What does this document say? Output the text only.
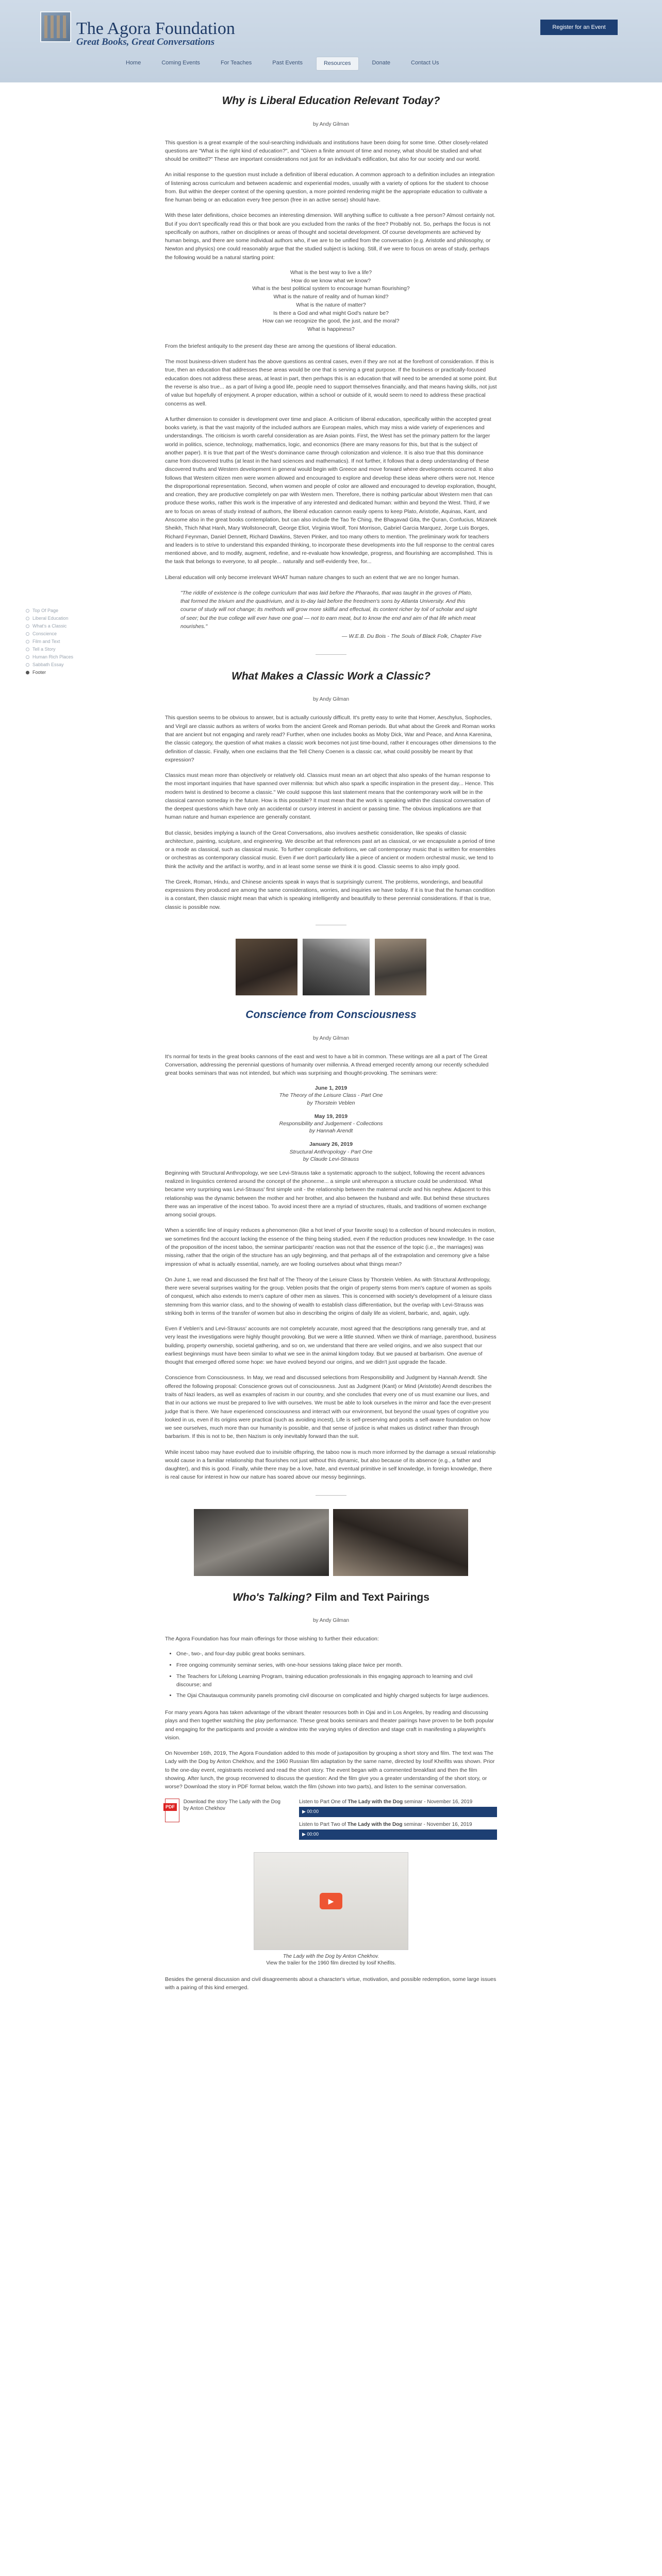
The Agora Foundation
Great Books, Great Conversations
Register for an Event
Home	Coming Events	For Teaches	Past Events	Resources	Donate	Contact Us
Top Of Page
Liberal Education
What's a Classic
Conscience
Film and Text
Tell a Story
Human Rich Places
Sabbath Essay
Footer
Why is Liberal Education Relevant Today?
by Andy Gilman

This question is a great example of the soul-searching individuals and institutions have been doing for some time. Other closely-related questions are "What is the right kind of education?", and "Given a finite amount of time and money, what should be studied and what should be omitted?" These are important considerations not just for an individual's edification, but also for our society and our world.

An initial response to the question must include a definition of liberal education. A common approach to a definition includes an integration of listening across curriculum and between academic and experiential modes, usually with a variety of options for the student to choose from. But within the deeper context of the opening question, a more pointed rendering might be the appropriate education to cultivate a fine human being or an education every free person (free in an active sense) should have.

With these later definitions, choice becomes an interesting dimension. Will anything suffice to cultivate a free person? Almost certainly not. But if you don't specifically read this or that book are you excluded from the ranks of the free? Probably not. So, perhaps the focus is not specifically on authors, rather on disciplines or areas of thought and societal development. Of course developments are achieved by human beings, and there are some individual authors who, if we are to be unified from the conversation (e.g. Aristotle and philosophy, or Newton and physics) one could reasonably argue that the studied subject is lacking. Still, if we were to focus on areas of study, perhaps the following would be a natural starting point:

What is the best way to live a life?
How do we know what we know?
What is the best political system to encourage human flourishing?
What is the nature of reality and of human kind?
What is the nature of matter?
Is there a God and what might God's nature be?
How can we recognize the good, the just, and the moral?
What is happiness?

From the briefest antiquity to the present day these are among the questions of liberal education.

The most business-driven student has the above questions as central cases, even if they are not at the forefront of consideration. If this is true, then an education that addresses these areas would be one that is serving a great purpose. If the business or practically-focused education does not address these areas, at least in part, then perhaps this is an education that will need to be amended at some point. But the reverse is also true... as a part of living a good life, people need to support themselves financially, and that means having skills, not just of value but hopefully of enjoyment. A proper education, within a school or outside of it, would seem to need to address these practical concerns as well.

A further dimension to consider is development over time and place. A criticism of liberal education, specifically within the accepted great books variety, is that the vast majority of the included authors are European males, which may miss a wide variety of experiences and understandings. The criticism is worth careful consideration as are Asian points. First, the West has set the primary pattern for the larger world in politics, science, technology, mathematics, logic, and economics (there are many reasons for this, but that is the subject of another paper). It is true that part of the West's dominance came through colonization and violence. It is also true that this dominance came from discovered truths (at least in the hard sciences and mathematics). If not further, it follows that a deep understanding of these discovered truths and Western development in general would begin with Greece and move forward where developments occurred. It also follows that Western citizen men were women allowed and encouraged to explore and develop these ideas where others were not. Hence the disproportional representation. Second, when women and people of color are allowed and encouraged to develop exploration, thought, and creation, they are productive completely on par with Western men. Therefore, there is nothing particular about Western men that can produce these works, rather this work is the imperative of any interested and dedicated human: within and beyond the West. Third, if we are to focus on areas of study instead of authors, the liberal education cannon easily opens to keep Plato, Aristotle, Aquinas, Kant, and Anscome also in the great books contemplation, but can also include the Tao Te Ching, the Bhagavad Gita, the Quran, Confucius, Mizanek Sheikh, Thich Nhat Hanh, Mary Wollstonecraft, George Eliot, Virginia Woolf, Toni Morrison, Gabriel Garcia Marquez, Jorge Luis Borges, Richard Feynman, Daniel Dennett, Richard Dawkins, Steven Pinker, and too many others to mention. The preliminary work for teachers and leaders is to strive to understand this expanded thinking, to incorporate these developments into the full response to the central cares mentioned above, and to modify, augment, redefine, and re-evaluate how knowledge, progress, and flourishing are accomplished. This is the task that belongs to everyone, to all people... naturally and self-evidently free, for...

Liberal education will only become irrelevant WHAT human nature changes to such an extent that we are no longer human.

"The riddle of existence is the college curriculum that was laid before the Pharaohs, that was taught in the groves of Plato, that formed the trivium and the quadrivium, and is to-day laid before the freedmen's sons by Atlanta University. And this course of study will not change; its methods will grow more skillful and effectual, its content richer by toil of scholar and sight of seer; but the true college will ever have one goal — not to earn meat, but to know the end and aim of that life which meat nourishes."

— W.E.B. Du Bois - The Souls of Black Folk, Chapter Five

What Makes a Classic Work a Classic?
by Andy Gilman

This question seems to be obvious to answer, but is actually curiously difficult. It's pretty easy to write that Homer, Aeschylus, Sophocles, and Virgil are classic authors as writers of works from the ancient Greek and Roman periods. But what about the Greek and Roman works that are ancient but not engaging and rarely read? Further, when one includes books as Moby Dick, War and Peace, and Anna Karenina, the classic category, the question of what makes a classic work becomes not just time-bound, rather it encourages other dimensions to the definition of classic. Finally, when one exclaims that the Tell Cheny Coenen is a classic car, what could possibly be meant by that expression?

Classics must mean more than objectively or relatively old. Classics must mean an art object that also speaks of the human response to the most important inquiries that have spanned over millennia: but which also spark a specific inspiration in the present day... Hence. This modern twist is destined to become a classic." We could suppose this last statement means that the contemporary work will be in the classical cannon someday in the future. How is this possible? It must mean that the work is speaking within the classical conversation of the deepest questions which have only an accidental or cursory interest in ancient or passing time. The obvious implications are that human nature and human experience are generally constant.

But classic, besides implying a launch of the Great Conversations, also involves aesthetic consideration, like speaks of classic architecture, painting, sculpture, and engineering. We describe art that references past art as classical, or we encapsulate a period of time or a mode as classical, such as classical music. To further complicate definitions, we call contemporary music that is written for ensembles or orchestras as contemporary classical music. Even if we don't particularly like a piece of ancient or modern orchestral music, we tend to think the activity and the artifact is worthy, and in at least some sense we think it is good. Classic seems to also imply good.

The Greek, Roman, Hindu, and Chinese ancients speak in ways that is surprisingly current. The problems, wonderings, and beautiful expressions they produced are among the same considerations, worries, and inquiries we have today. If it is true that the human condition is a constant, then classic might mean that which is speaking intelligently and beautifully to these perennial considerations. If that is true, classic is possible now.

Conscience from Consciousness
by Andy Gilman

It's normal for texts in the great books cannons of the east and west to have a bit in common. These writings are all a part of The Great Conversation, addressing the perennial questions of humanity over millennia. A thread emerged recently among our recently scheduled great books seminars that was not intended, but which was surprising and thought-provoking. The seminars were:

June 1, 2019
The Theory of the Leisure Class - Part One
by Thorstein Veblen
May 19, 2019
Responsibility and Judgement - Collections
by Hannah Arendt
January 26, 2019
Structural Anthropology - Part One
by Claude Levi-Strauss

Beginning with Structural Anthropology, we see Levi-Strauss take a systematic approach to the subject, following the recent advances realized in linguistics centered around the concept of the phoneme... a simple unit whereupon a structure could be understood. What became very surprising was Levi-Strauss' first simple unit - the relationship between the maternal uncle and his nephew. Adjacent to this relationship was the dynamic between the mother and her brother, and also between the husband and wife. But behind these structures there was an imperative of the incest taboo. To avoid incest there are a myriad of structures, rituals, and traditions of women exchange among social groups.

When a scientific line of inquiry reduces a phenomenon (like a hot level of your favorite soup) to a collection of bound molecules in motion, we sometimes find the account lacking the essence of the thing being studied, even if the reduction produces new knowledge. In the case of the proposition of the incest taboo, the seminar participants' reaction was not that the essence of the topic (i.e., the marriages) was missing, rather that the origin of the structure has an ugly beginning, and that perhaps all of the extrapolation and ceremony give a false impression of what is actually essential, namely, are we fooling ourselves about what things mean?

On June 1, we read and discussed the first half of The Theory of the Leisure Class by Thorstein Veblen. As with Structural Anthropology, there were several surprises waiting for the group. Veblen posits that the origin of property stems from men's capture of women as spoils of conquest, which also extends to men's capture of other men as slaves. This is concerned with society's development of a leisure class stemming from this warrior class, and to the showing of wealth to establish class differentiation, but the overlap with Levi-Strauss was striking both in terms of the transfer of women but also in describing the origins of daily life as violent, barbaric, and, again, ugly.

Even if Veblen's and Levi-Strauss' accounts are not completely accurate, most agreed that the descriptions rang generally true, and at very least the investigations were highly thought provoking. But we were a little stunned. When we think of marriage, parenthood, business building, property ownership, societal gathering, and so on, we understand that there are veiled origins, and we also suspect that our earliest beginnings must have been similar to what we see in the animal kingdom today. But we paused at barbarism. One avenue of thought that emerged offered some hope: we have evolved beyond our origins, and we didn't just upgrade the facade.

Conscience from Consciousness. In May, we read and discussed selections from Responsibility and Judgment by Hannah Arendt. She offered the following proposal: Conscience grows out of consciousness. Just as Judgment (Kant) or Mind (Aristotle) Arendt describes the traits of Nazi leaders, as well as examples of racism in our country, and she concludes that every one of us must examine our lives, and that in our actions we must be prepared to live with ourselves. We must be able to look ourselves in the mirror and face the ever-present judge that is there. We have experienced consciousness and interact with our environment, but beyond the usual types of cognitive you looked in us, even if its origins were practical (such as avoiding incest), Life is self-preserving and posits a self-aware foundation on how we see ourselves, much more than our humanity is possible, and that sense of justice is what makes us distinct rather than through barbarism. If this is not to be, then Nazism is only inevitably forward than the suit.

While incest taboo may have evolved due to invisible offspring, the taboo now is much more informed by the damage a sexual relationship would cause in a familiar relationship that flourishes not just without this dynamic, but also because of its absence (e.g., a father and daughter), and this is good. Finally, while there may be a love, hate, and eventual primitive in self knowledge, in foreign knowledge, there is real cause for interest in how our nature has soared above our messy beginnings.

Who's Talking? Film and Text Pairings
by Andy Gilman

The Agora Foundation has four main offerings for those wishing to further their education:

• One-, two-, and four-day public great books seminars.
• Free ongoing community seminar series, with one-hour sessions taking place twice per month.
• The Teachers for Lifelong Learning Program, training education professionals in this engaging approach to learning and civil discourse; and
• The Ojai Chautauqua community panels promoting civil discourse on complicated and highly charged subjects for large audiences.

For many years Agora has taken advantage of the vibrant theater resources both in Ojai and in Los Angeles, by reading and discussing plays and then together watching the play performance. These great books seminars and theater pairings have proven to be both popular and engaging for the participants and provide a window into the varying styles of direction and stage craft in manifesting a playwright's vision.

On November 16th, 2019, The Agora Foundation added to this mode of juxtaposition by grouping a short story and film. The text was The Lady with the Dog by Anton Chekhov, and the 1960 Russian film adaptation by the same name, directed by Iosif Kheifits was shown. Prior to the one-day event, registrants received and read the short story. The event began with a commented breakfast and then the film showing. After lunch, the group reconvened to discuss the question: And the film give you a greater understanding of the short story, or worse? Download the story in PDF format below, watch the film (shown into two parts), and listen to the seminar conversation.

PDF
Download the story The Lady with the Dog by Anton Chekhov
Listen to Part One of The Lady with the Dog seminar - November 16, 2019
▶ 00:00
Listen to Part Two of The Lady with the Dog seminar - November 16, 2019
▶ 00:00
▶
The Lady with the Dog by Anton Chekhov.
View the trailer for the 1960 film directed by Iosif Kheifits.

Besides the general discussion and civil disagreements about a character's virtue, motivation, and possible redemption, some large issues with a pairing of this kind emerged.
